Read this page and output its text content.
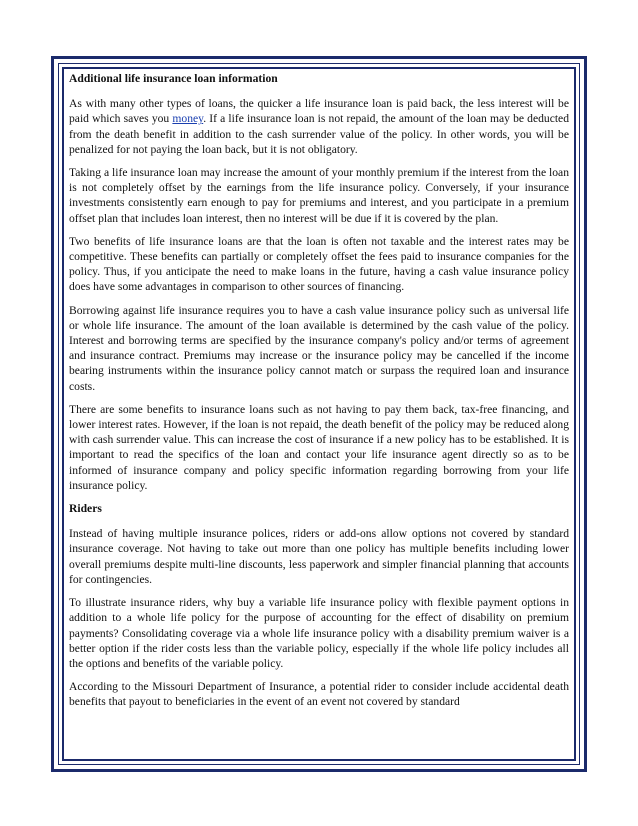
Additional life insurance loan information

As with many other types of loans, the quicker a life insurance loan is paid back, the less interest will be paid which saves you money. If a life insurance loan is not repaid, the amount of the loan may be deducted from the death benefit in addition to the cash surrender value of the policy. In other words, you will be penalized for not paying the loan back, but it is not obligatory.

Taking a life insurance loan may increase the amount of your monthly premium if the interest from the loan is not completely offset by the earnings from the life insurance policy. Conversely, if your insurance investments consistently earn enough to pay for premiums and interest, and you participate in a premium offset plan that includes loan interest, then no interest will be due if it is covered by the plan.

Two benefits of life insurance loans are that the loan is often not taxable and the interest rates may be competitive. These benefits can partially or completely offset the fees paid to insurance companies for the policy. Thus, if you anticipate the need to make loans in the future, having a cash value insurance policy does have some advantages in comparison to other sources of financing.

Borrowing against life insurance requires you to have a cash value insurance policy such as universal life or whole life insurance. The amount of the loan available is determined by the cash value of the policy. Interest and borrowing terms are specified by the insurance company's policy and/or terms of agreement and insurance contract. Premiums may increase or the insurance policy may be cancelled if the income bearing instruments within the insurance policy cannot match or surpass the required loan and insurance costs.

There are some benefits to insurance loans such as not having to pay them back, tax-free financing, and lower interest rates. However, if the loan is not repaid, the death benefit of the policy may be reduced along with cash surrender value. This can increase the cost of insurance if a new policy has to be established. It is important to read the specifics of the loan and contact your life insurance agent directly so as to be informed of insurance company and policy specific information regarding borrowing from your life insurance policy.

Riders

Instead of having multiple insurance polices, riders or add-ons allow options not covered by standard insurance coverage. Not having to take out more than one policy has multiple benefits including lower overall premiums despite multi-line discounts, less paperwork and simpler financial planning that accounts for contingencies.

To illustrate insurance riders, why buy a variable life insurance policy with flexible payment options in addition to a whole life policy for the purpose of accounting for the effect of disability on premium payments? Consolidating coverage via a whole life insurance policy with a disability premium waiver is a better option if the rider costs less than the variable policy, especially if the whole life policy includes all the options and benefits of the variable policy.

According to the Missouri Department of Insurance, a potential rider to consider include accidental death benefits that payout to beneficiaries in the event of an event not covered by standard
